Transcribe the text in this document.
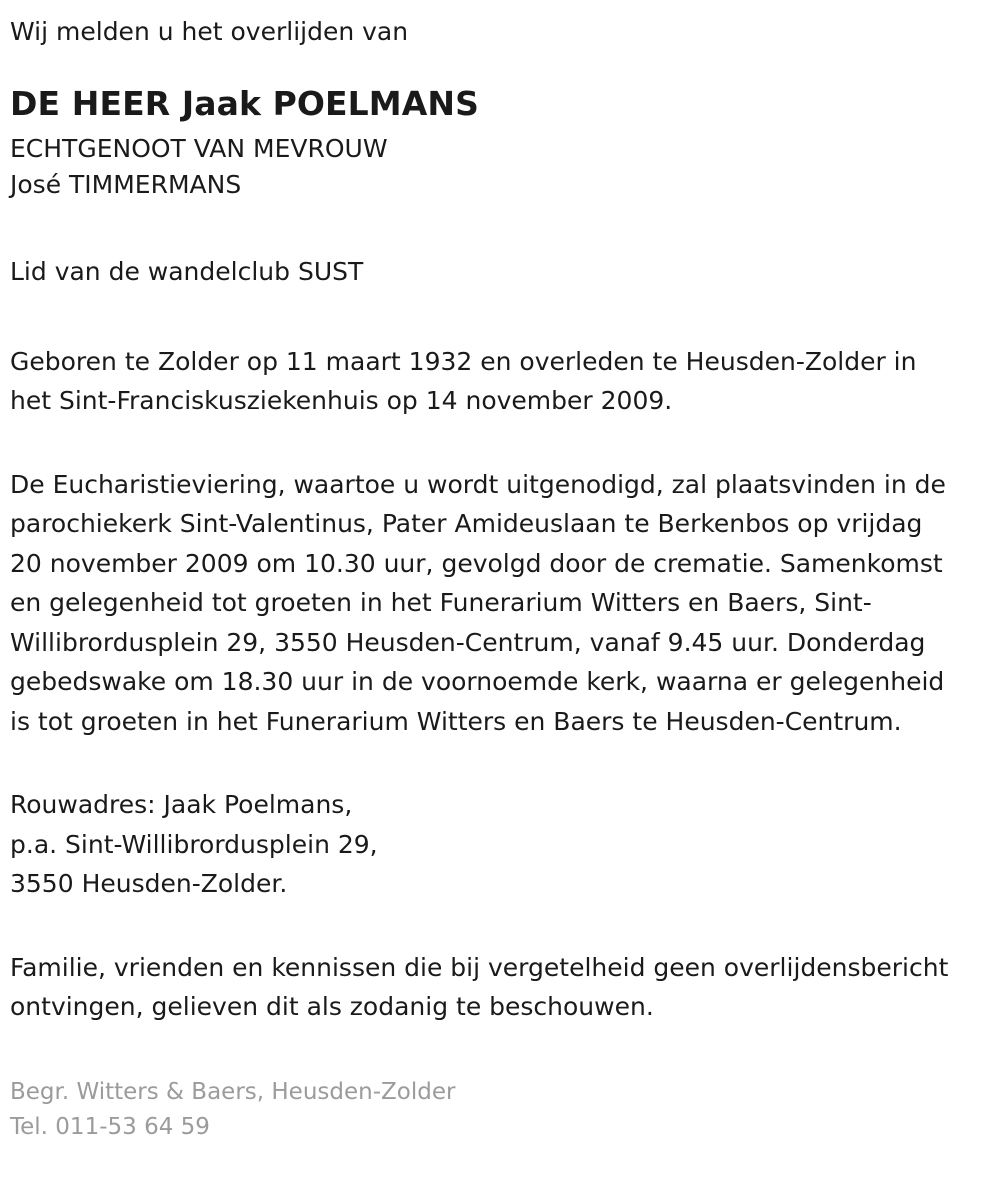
Wij melden u het overlijden van

DE HEER Jaak POELMANS

ECHTGENOOT VAN MEVROUW

José TIMMERMANS

Lid van de wandelclub SUST

Geboren te Zolder op 11 maart 1932 en overleden te Heusden-Zolder in het Sint-Franciskusziekenhuis op 14 november 2009.

De Eucharistieviering, waartoe u wordt uitgenodigd, zal plaatsvinden in de parochiekerk Sint-Valentinus, Pater Amideuslaan te Berkenbos op vrijdag 20 november 2009 om 10.30 uur, gevolgd door de crematie. Samenkomst en gelegenheid tot groeten in het Funerarium Witters en Baers, Sint-Willibrordusplein 29, 3550 Heusden-Centrum, vanaf 9.45 uur. Donderdag gebedswake om 18.30 uur in de voornoemde kerk, waarna er gelegenheid is tot groeten in het Funerarium Witters en Baers te Heusden-Centrum.

Rouwadres: Jaak Poelmans,

p.a. Sint-Willibrordusplein 29,

3550 Heusden-Zolder.

Familie, vrienden en kennissen die bij vergetelheid geen overlijdensbericht ontvingen, gelieven dit als zodanig te beschouwen.

Begr. Witters & Baers, Heusden-Zolder

Tel. 011-53 64 59
